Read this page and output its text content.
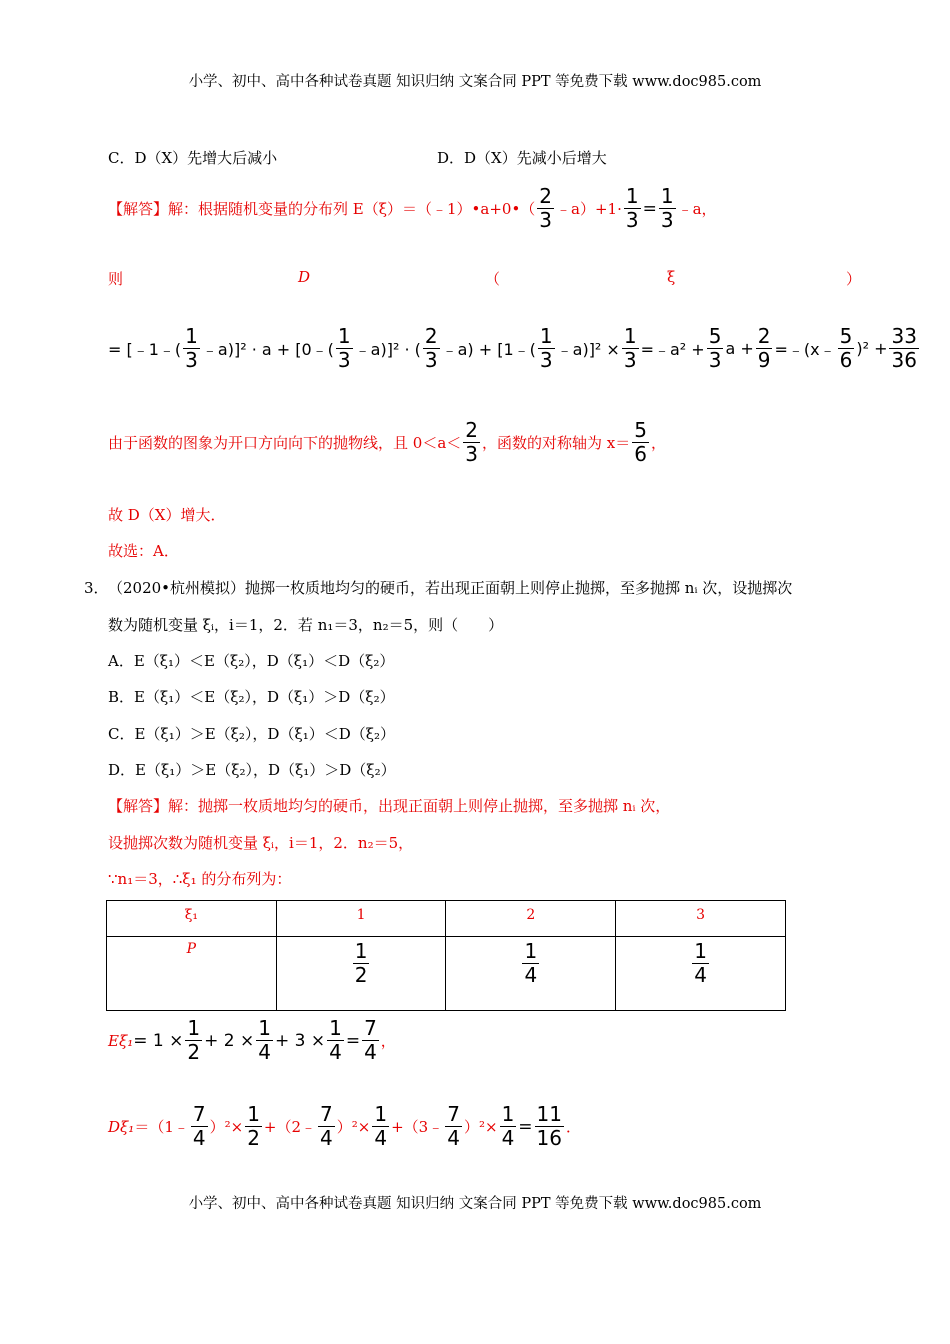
小学、初中、高中各种试卷真题 知识归纳 文案合同 PPT 等免费下载 www.doc985.com
C．D（X）先增大后减小	D．D（X）先减小后增大
【解答】 解：根据随机变量的分布列 E（ξ）＝（﹣1）•a+0•（ $\frac{2}{3}$ ﹣a）+1· $\frac{1}{3} = \frac{1}{3}$ ﹣a，
则	D	（	ξ	）
= [﹣1﹣( $\frac{1}{3}$ ﹣a)]² · a + [0﹣( $\frac{1}{3}$ ﹣a)]² · ( $\frac{2}{3}$ ﹣a) + [1﹣( $\frac{1}{3}$ ﹣a)]² × $\frac{1}{3}$ =﹣a² + $\frac{5}{3}$ $a + \frac{2}{9}$ =﹣(x﹣ $\frac{5}{6} )^2 + \frac{33}{36}$
由于函数的图象为开口方向向下的抛物线，且 $0<a< \frac{2}{3}$ ，函数的对称轴为 $x= \frac{5}{6}$ ，
故 D（X）增大．
故选：A．
3． （2020•杭州模拟）抛掷一枚质地均匀的硬币，若出现正面朝上则停止抛掷，至多抛掷 nᵢ 次，设抛掷次
数为随机变量 ξᵢ，i＝1，2．若 n₁＝3，n₂＝5，则（　　）
A．E（ξ₁）＜E（ξ₂），D（ξ₁）＜D（ξ₂）
B．E（ξ₁）＜E（ξ₂），D（ξ₁）＞D（ξ₂）
C．E（ξ₁）＞E（ξ₂），D（ξ₁）＜D（ξ₂）
D．E（ξ₁）＞E（ξ₂），D（ξ₁）＞D（ξ₂）
【解答】解：抛掷一枚质地均匀的硬币，出现正面朝上则停止抛掷，至多抛掷 nᵢ 次，
设抛掷次数为随机变量 ξᵢ，i＝1，2．n₂＝5，
∵n₁＝3，∴ξ₁ 的分布列为：
ξ₁	1	2	3
P	$\frac{1}{2}$	$\frac{1}{4}$	$\frac{1}{4}$
$E\xi_1 = 1 \times \frac{1}{2} + 2 \times \frac{1}{4} + 3 \times \frac{1}{4} = \frac{7}{4}$ ，
Dξ₁ ＝（1﹣ $\frac{7}{4} )^2\times \frac{1}{2}$ +（2﹣ $\frac{7}{4} )^2\times \frac{1}{4}$ +（3﹣ $\frac{7}{4} )^2\times \frac{1}{4} = \frac{11}{16}$ ．
小学、初中、高中各种试卷真题 知识归纳 文案合同 PPT 等免费下载 www.doc985.com
